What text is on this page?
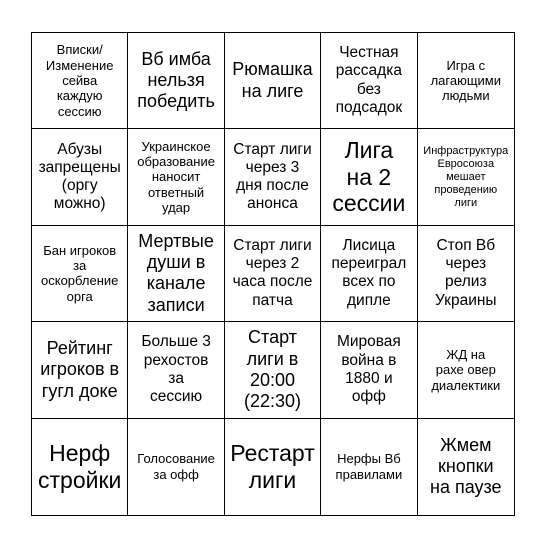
Вписки/
Изменение
сейва
каждую
сессию
Вб имба
нельзя
победить
Рюмашка
на лиге
Честная
рассадка
без
подсадок
Игра с
лагающими
людьми
Абузы
запрещены
(оргу
можно)
Украинское
образование
наносит
ответный
удар
Старт лиги
через 3
дня после
анонса
Лига
на 2
сессии
Инфраструктура
Евросоюза
мешает
проведению
лиги
Бан игроков
за
оскорбление
орга
Мертвые
души в
канале
записи
Старт лиги
через 2
часа после
патча
Лисица
переиграл
всех по
дипле
Стоп Вб
через
релиз
Украины
Рейтинг
игроков в
гугл доке
Больше 3
рехостов
за
сессию
Старт
лиги в
20:00
(22:30)
Мировая
война в
1880 и
офф
ЖД на
рахе овер
диалектики
Нерф
стройки
Голосование
за офф
Рестарт
лиги
Нерфы Вб
правилами
Жмем
кнопки
на паузе
